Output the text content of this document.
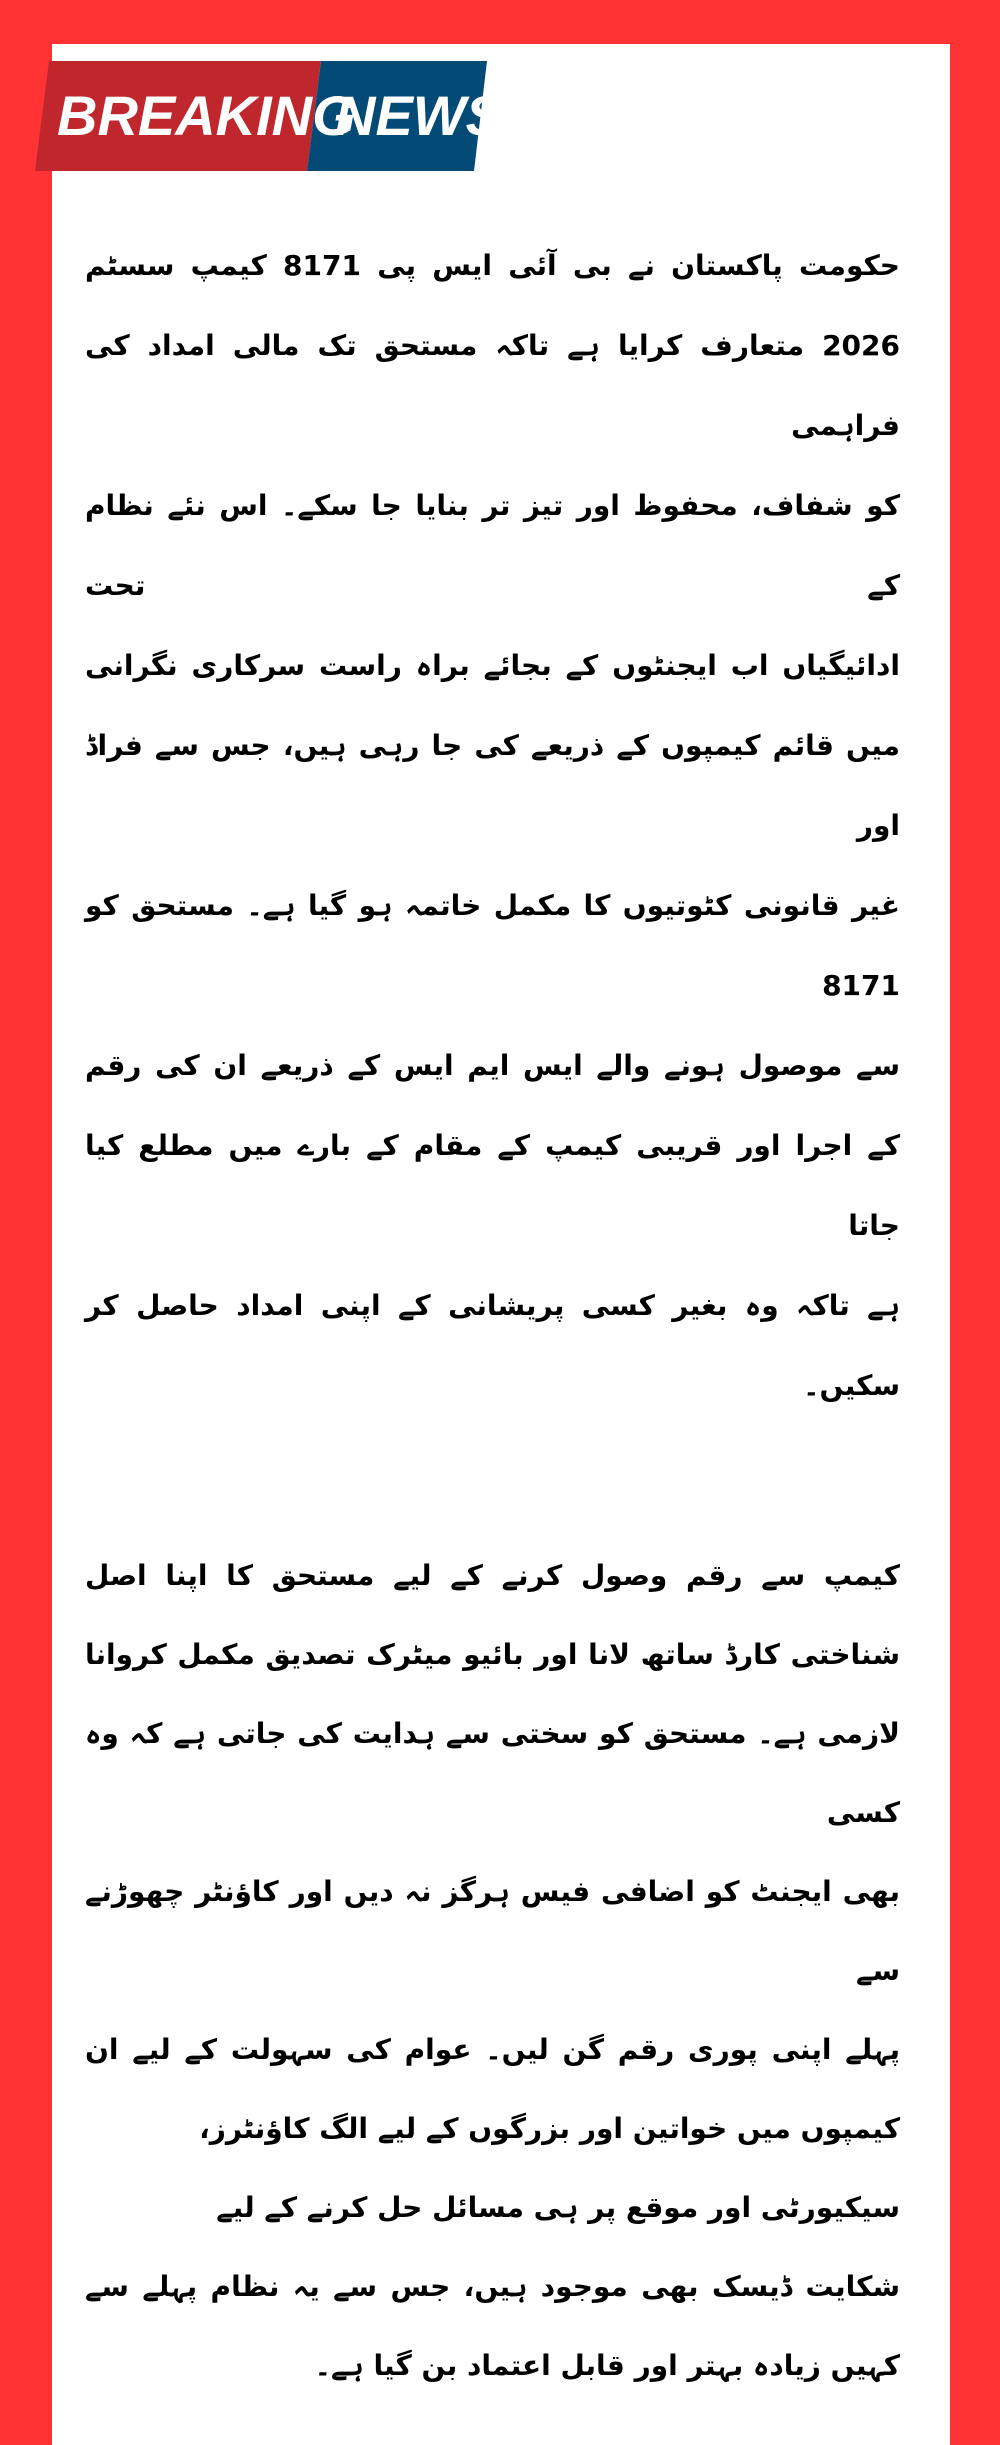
BREAKING
NEWS
حکومت پاکستان نے بی آئی ایس پی 8171 کیمپ سسٹم
2026 متعارف کرایا ہے تاکہ مستحق تک مالی امداد کی فراہمی
کو شفاف، محفوظ اور تیز تر بنایا جا سکے۔ اس نئے نظام کے تحت
ادائیگیاں اب ایجنٹوں کے بجائے براہ راست سرکاری نگرانی
میں قائم کیمپوں کے ذریعے کی جا رہی ہیں، جس سے فراڈ اور
غیر قانونی کٹوتیوں کا مکمل خاتمہ ہو گیا ہے۔ مستحق کو 8171
سے موصول ہونے والے ایس ایم ایس کے ذریعے ان کی رقم
کے اجرا اور قریبی کیمپ کے مقام کے بارے میں مطلع کیا جاتا
ہے تاکہ وہ بغیر کسی پریشانی کے اپنی امداد حاصل کر سکیں۔
کیمپ سے رقم وصول کرنے کے لیے مستحق کا اپنا اصل
شناختی کارڈ ساتھ لانا اور بائیو میٹرک تصدیق مکمل کروانا
لازمی ہے۔ مستحق کو سختی سے ہدایت کی جاتی ہے کہ وہ کسی
بھی ایجنٹ کو اضافی فیس ہرگز نہ دیں اور کاؤنٹر چھوڑنے سے
پہلے اپنی پوری رقم گن لیں۔ عوام کی سہولت کے لیے ان
کیمپوں میں خواتین اور بزرگوں کے لیے الگ کاؤنٹرز،
سیکیورٹی اور موقع پر ہی مسائل حل کرنے کے لیے
شکایت ڈیسک بھی موجود ہیں، جس سے یہ نظام پہلے سے
کہیں زیادہ بہتر اور قابل اعتماد بن گیا ہے۔
